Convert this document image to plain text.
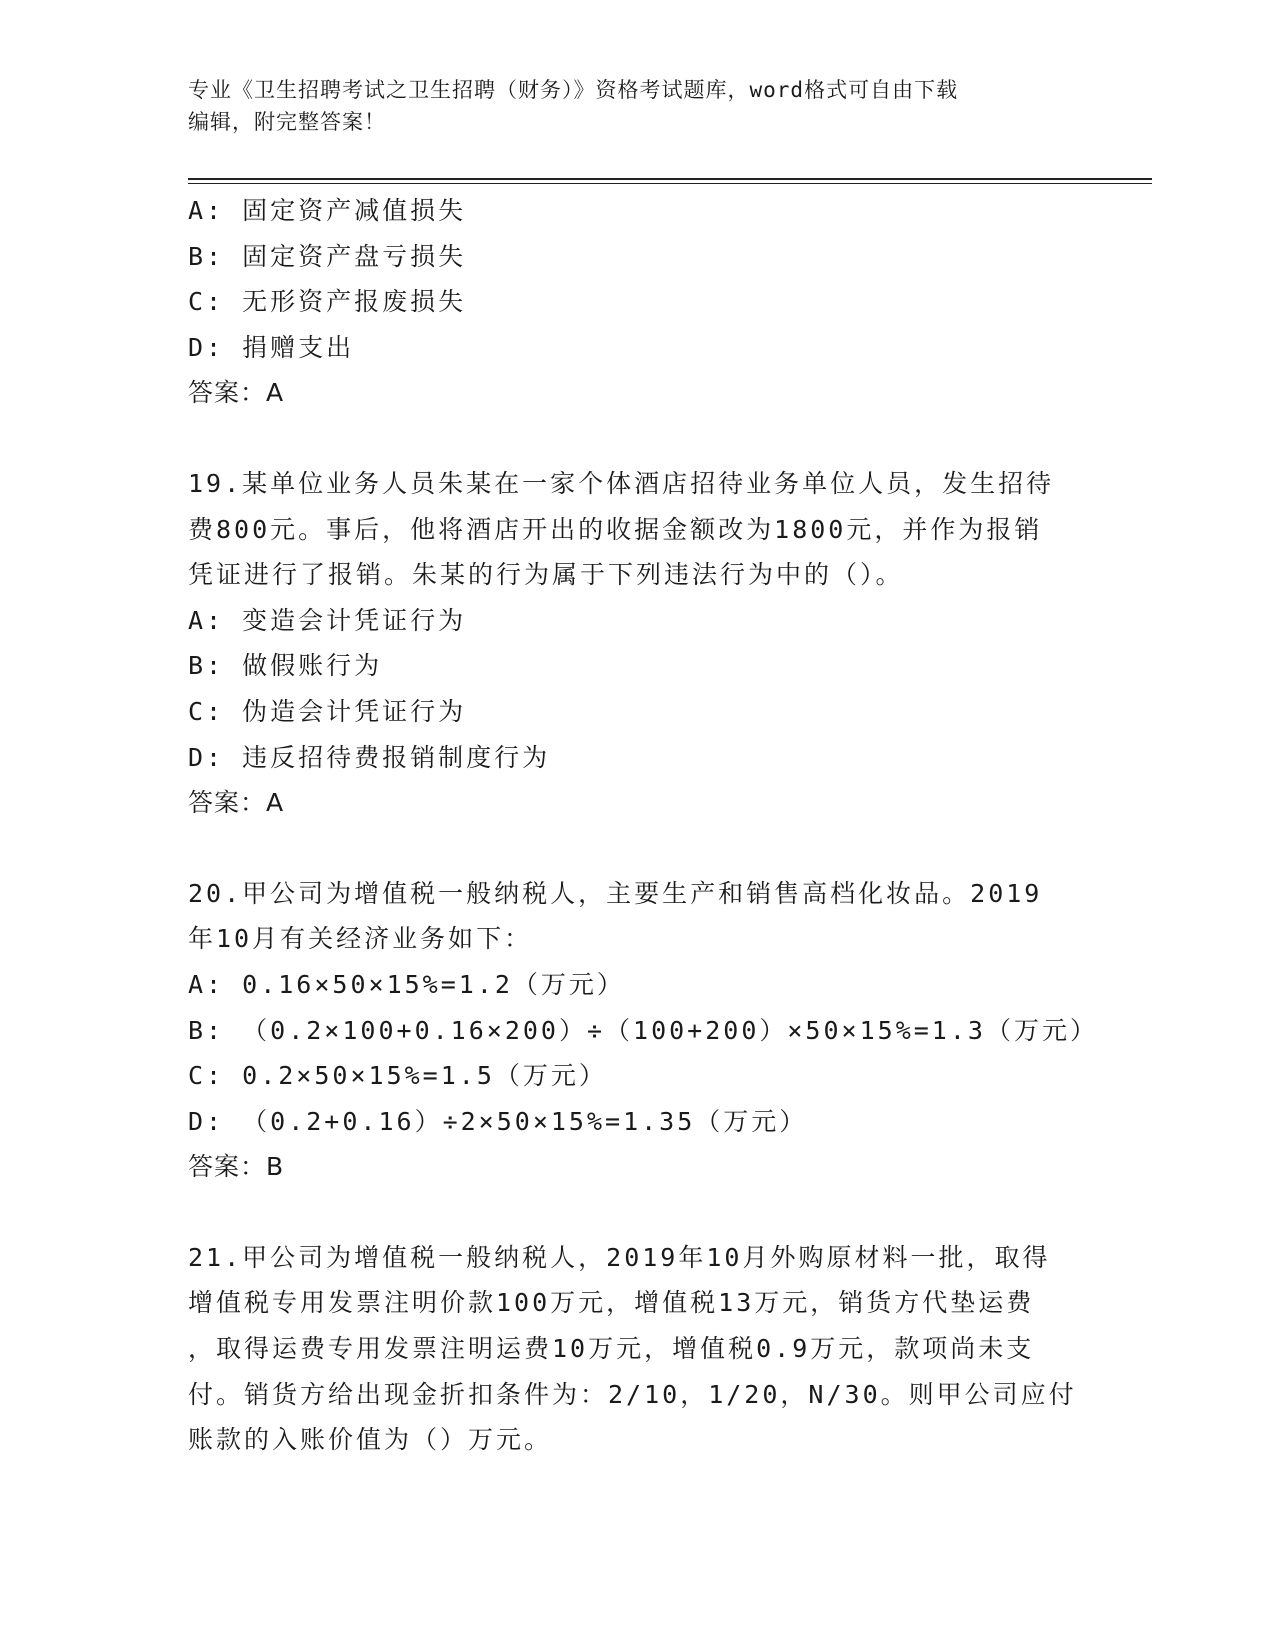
专业《卫生招聘考试之卫生招聘（财务）》资格考试题库，word格式可自由下载
编辑，附完整答案！
A: 固定资产减值损失
B: 固定资产盘亏损失
C: 无形资产报废损失
D: 捐赠支出
答案：A
19.某单位业务人员朱某在一家个体酒店招待业务单位人员，发生招待
费800元。事后，他将酒店开出的收据金额改为1800元，并作为报销
凭证进行了报销。朱某的行为属于下列违法行为中的（）。
A: 变造会计凭证行为
B: 做假账行为
C: 伪造会计凭证行为
D: 违反招待费报销制度行为
答案：A
20.甲公司为增值税一般纳税人，主要生产和销售高档化妆品。2019
年10月有关经济业务如下：
A: 0.16×50×15%=1.2（万元）
B: （0.2×100+0.16×200）÷（100+200）×50×15%=1.3（万元）
C: 0.2×50×15%=1.5（万元）
D: （0.2+0.16）÷2×50×15%=1.35（万元）
答案：B
21.甲公司为增值税一般纳税人，2019年10月外购原材料一批，取得
增值税专用发票注明价款100万元，增值税13万元，销货方代垫运费
，取得运费专用发票注明运费10万元，增值税0.9万元，款项尚未支
付。销货方给出现金折扣条件为：2/10，1/20，N/30。则甲公司应付
账款的入账价值为（）万元。
